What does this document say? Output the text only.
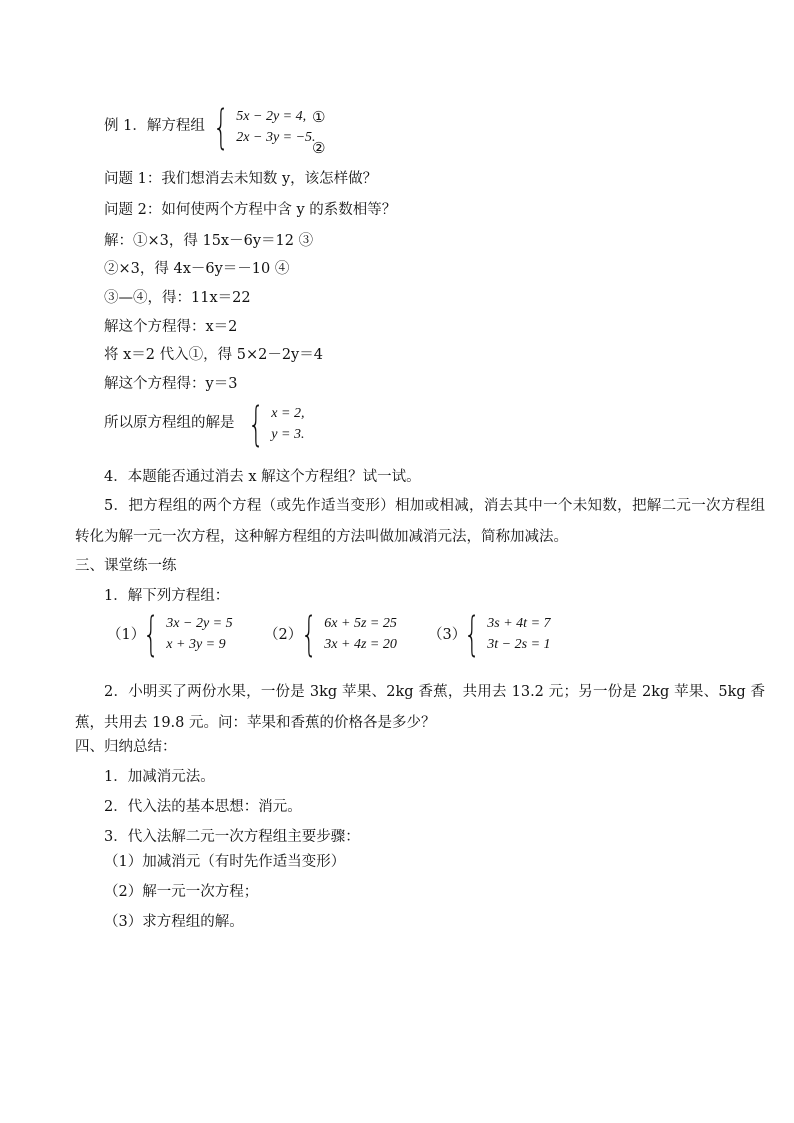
例 1．解方程组 { 5x − 2y = 4,
2x − 3y = −5.
①
②
问题 1：我们想消去未知数 y，该怎样做？
问题 2：如何使两个方程中含 y 的系数相等？
解：①×3，得 15x－6y＝12 ③
②×3，得 4x－6y＝－10 ④
③—④，得：11x＝22
解这个方程得：x＝2
将 x＝2 代入①，得 5×2－2y＝4
解这个方程得：y＝3
所以原方程组的解是 { x = 2,
y = 3.
4．本题能否通过消去 x 解这个方程组？试一试。
5．把方程组的两个方程（或先作适当变形）相加或相减，消去其中一个未知数，把解二元一次方程组转化为解一元一次方程，这种解方程组的方法叫做加减消元法，简称加减法。
三、课堂练一练
1．解下列方程组：
（1）
{ 3x − 2y = 5
x + 3y = 9
（2）
{ 6x + 5z = 25
3x + 4z = 20
（3）
{ 3s + 4t = 7
3t − 2s = 1
2．小明买了两份水果，一份是 3kg 苹果、2kg 香蕉，共用去 13.2 元；另一份是 2kg 苹果、5kg 香蕉，共用去 19.8 元。问：苹果和香蕉的价格各是多少？
四、归纳总结：
1．加减消元法。
2．代入法的基本思想：消元。
3．代入法解二元一次方程组主要步骤：
（1）加减消元（有时先作适当变形）
（2）解一元一次方程；
（3）求方程组的解。
